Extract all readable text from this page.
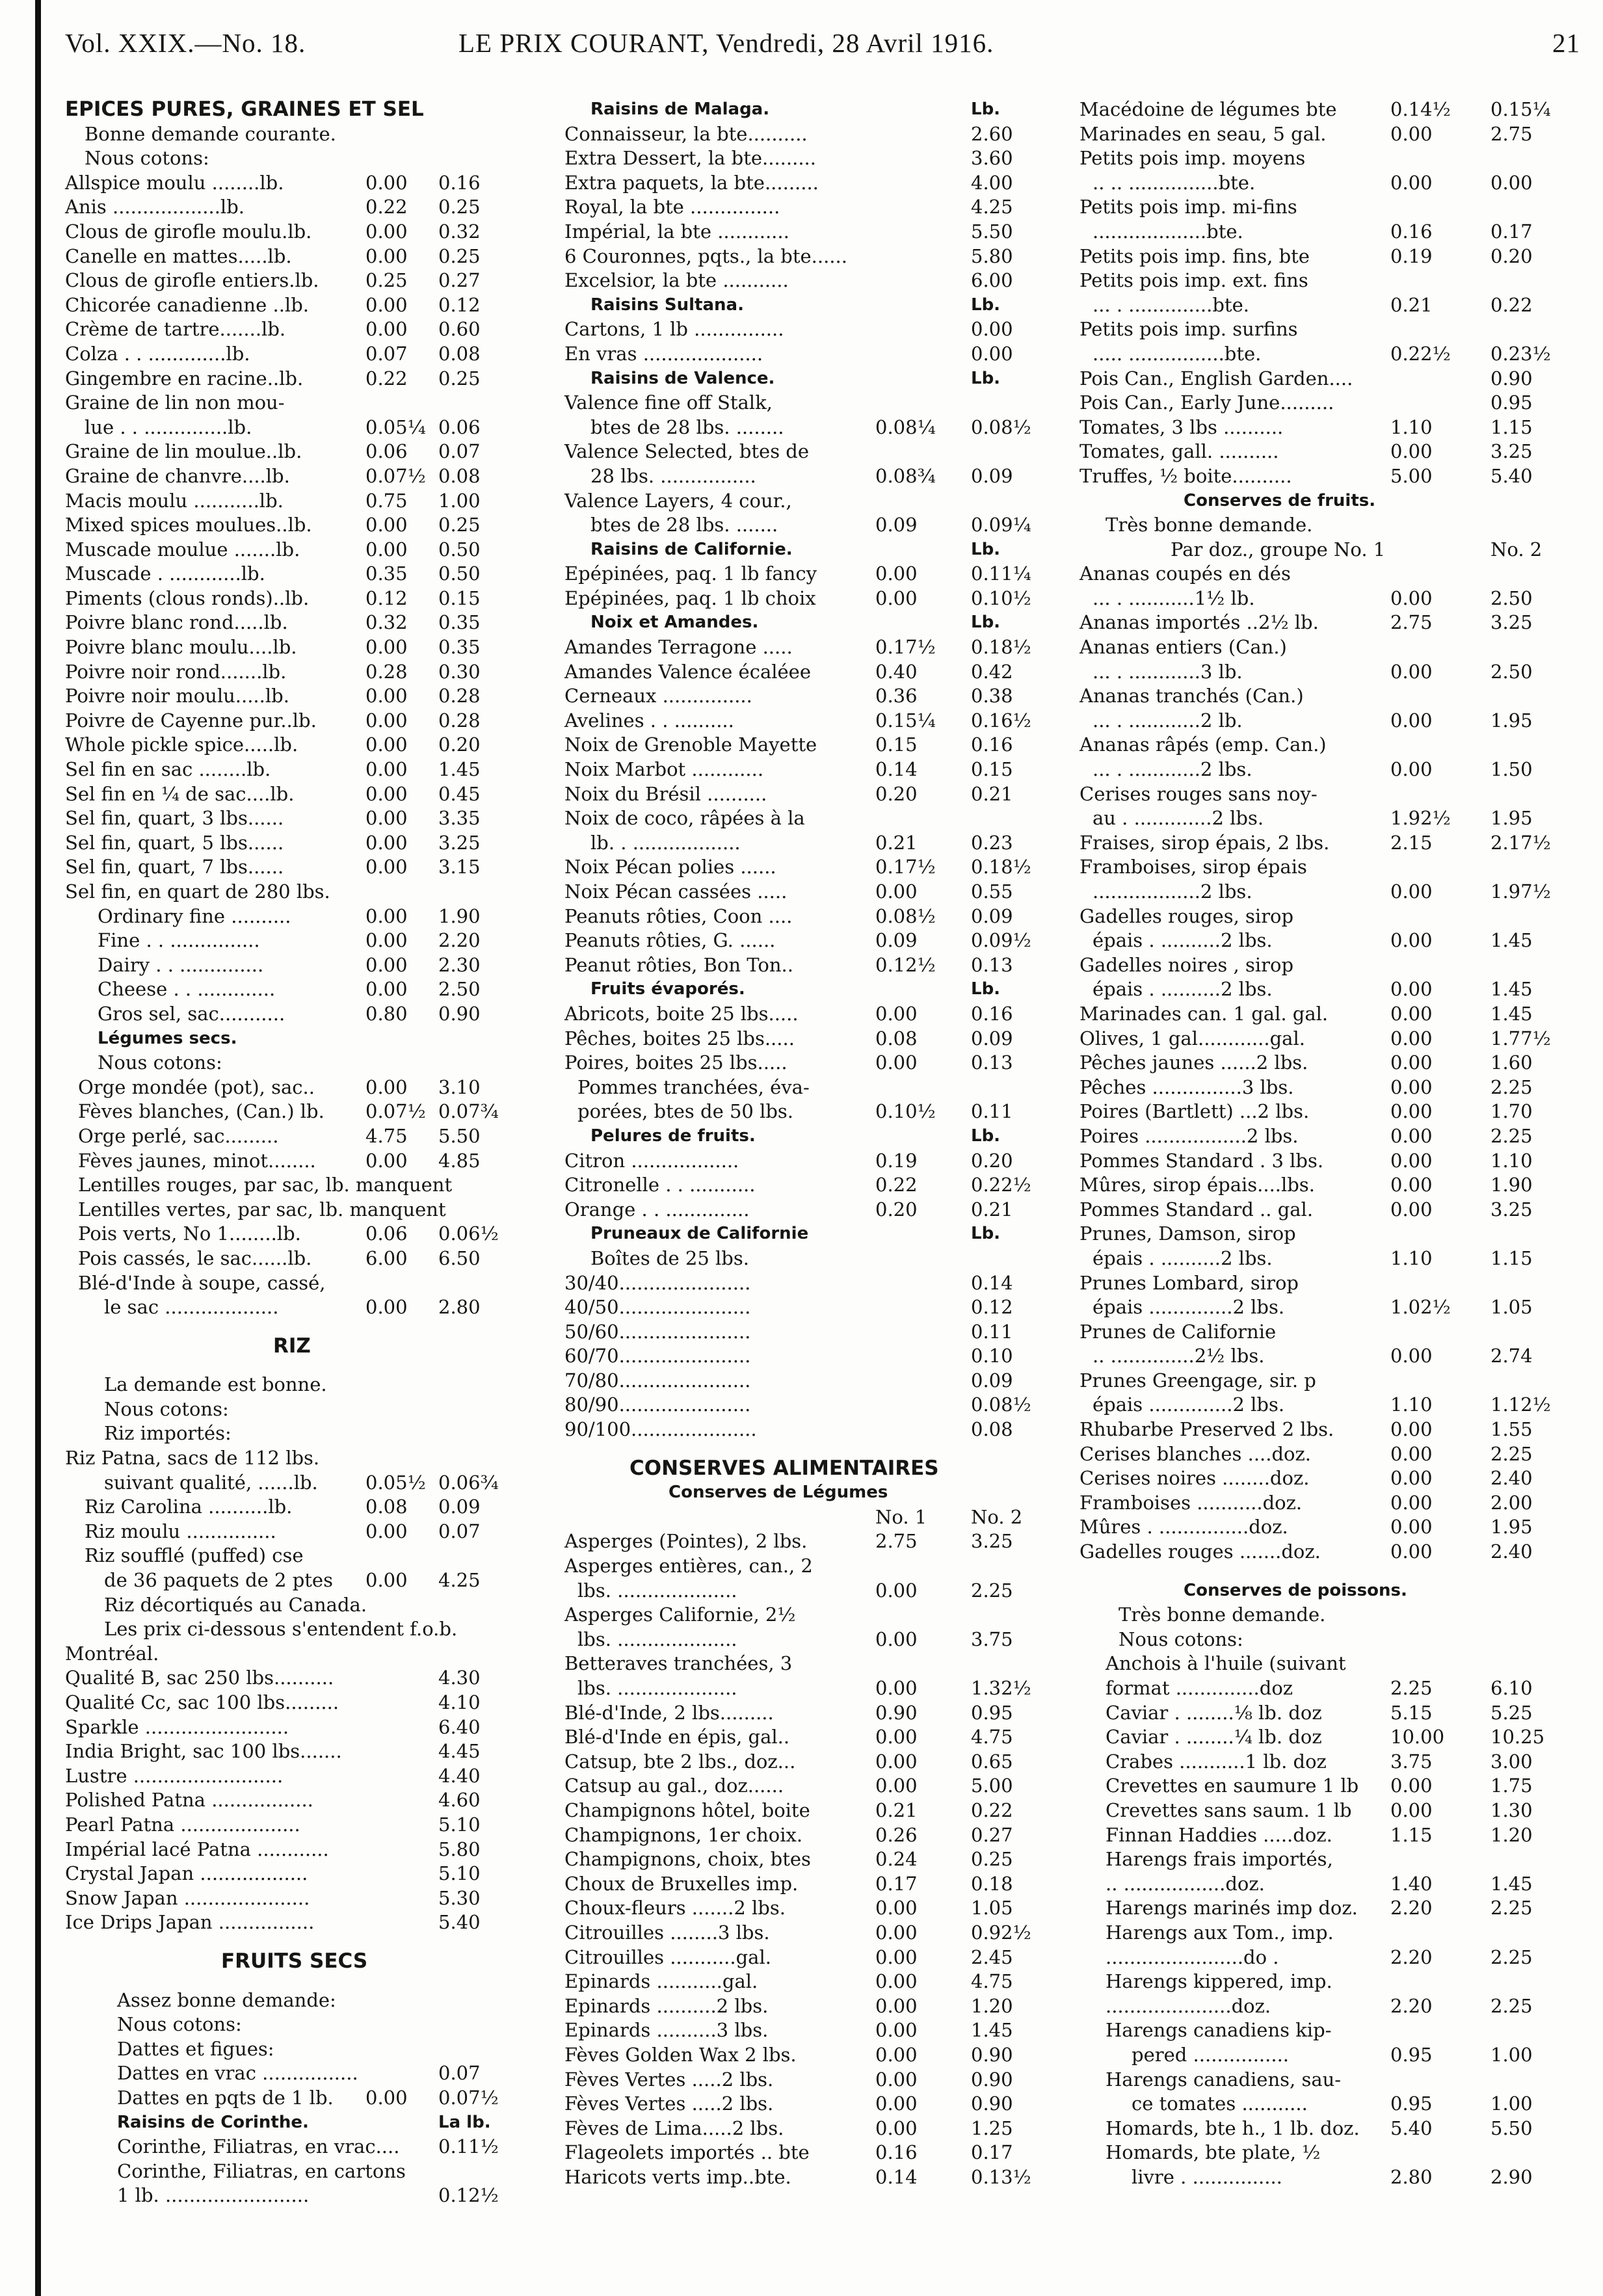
Vol. XXIX.—No. 18.	LE PRIX COURANT, Vendredi, 28 Avril 1916.	21
EPICES PURES, GRAINES ET SEL
Bonne demande courante.
Nous cotons:
Allspice moulu ........lb.	0.00	0.16
Anis ..................lb.	0.22	0.25
Clous de girofle moulu.lb.	0.00	0.32
Canelle en mattes.....lb.	0.00	0.25
Clous de girofle entiers.lb. 0.25	0.27
Chicorée canadienne ..lb.	0.00	0.12
Crème de tartre.......lb.	0.00	0.60
Colza . . .............lb.	0.07	0.08
Gingembre en racine..lb.	0.22	0.25
Graine de lin non mou-
lue . . ..............lb.	0.05¼ 0.06
Graine de lin moulue..lb.	0.06	0.07
Graine de chanvre....lb.	0.07½ 0.08
Macis moulu ...........lb.	0.75	1.00
Mixed spices moulues..lb.	0.00	0.25
Muscade moulue .......lb.	0.00	0.50
Muscade . ............lb.	0.35	0.50
Piments (clous ronds)..lb.	0.12	0.15
Poivre blanc rond.....lb.	0.32	0.35
Poivre blanc moulu....lb.	0.00	0.35
Poivre noir rond.......lb.	0.28	0.30
Poivre noir moulu.....lb.	0.00	0.28
Poivre de Cayenne pur..lb.	0.00	0.28
Whole pickle spice.....lb.	0.00	0.20
Sel fin en sac ........lb.	0.00	1.45
Sel fin en ¼ de sac....lb.	0.00	0.45
Sel fin, quart, 3 lbs......	0.00	3.35
Sel fin, quart, 5 lbs......	0.00	3.25
Sel fin, quart, 7 lbs......	0.00	3.15
Sel fin, en quart de 280 lbs.
Ordinary fine ..........	0.00	1.90
Fine . . ...............	0.00	2.20
Dairy . . ..............	0.00	2.30
Cheese . . .............	0.00	2.50
Gros sel, sac...........	0.80	0.90
Légumes secs.
Nous cotons:
Orge mondée (pot), sac..	0.00	3.10
Fèves blanches, (Can.) lb. 0.07½ 0.07¾
Orge perlé, sac.........	4.75	5.50
Fèves jaunes, minot........	0.00	4.85
Lentilles rouges, par sac, lb. manquent
Lentilles vertes, par sac, lb. manquent
Pois verts, No 1........lb.	0.06	0.06½
Pois cassés, le sac......lb.	6.00	6.50
Blé-d'Inde à soupe, cassé,
le sac ...................	0.00	2.80
RIZ
La demande est bonne.
Nous cotons:
Riz importés:
Riz Patna, sacs de 112 lbs.
suivant qualité, ......lb.	0.05½ 0.06¾
Riz Carolina ..........lb.	0.08	0.09
Riz moulu ...............	0.00	0.07
Riz soufflé (puffed) cse
de 36 paquets de 2 ptes 0.00	4.25
Riz décortiqués au Canada.
Les prix ci-dessous s'entendent f.o.b.
Montréal.
Qualité B, sac 250 lbs..........	4.30
Qualité Cc, sac 100 lbs.........	4.10
Sparkle ........................	6.40
India Bright, sac 100 lbs.......	4.45
Lustre .........................	4.40
Polished Patna .................	4.60
Pearl Patna ....................	5.10
Impérial lacé Patna ............	5.80
Crystal Japan ..................	5.10
Snow Japan .....................	5.30
Ice Drips Japan ................	5.40
FRUITS SECS
Assez bonne demande:
Nous cotons:
Dattes et figues:
Dattes en vrac ................	0.07
Dattes en pqts de 1 lb. 0.00	0.07½
Raisins de Corinthe.	La lb.
Corinthe, Filiatras, en vrac.... 0.11½
Corinthe, Filiatras, en cartons
1 lb. ........................	0.12½
Raisins de Malaga.	Lb.
Connaisseur, la bte..........	2.60
Extra Dessert, la bte.........	3.60
Extra paquets, la bte.........	4.00
Royal, la bte ...............	4.25
Impérial, la bte ............	5.50
6 Couronnes, pqts., la bte......	5.80
Excelsior, la bte ...........	6.00
Raisins Sultana.	Lb.
Cartons, 1 lb ...............	0.00
En vras ....................	0.00
Raisins de Valence.	Lb.
Valence fine off Stalk,
btes de 28 lbs. ........	0.08¼ 0.08½
Valence Selected, btes de
28 lbs. ................	0.08¾ 0.09
Valence Layers, 4 cour.,
btes de 28 lbs. .......	0.09	0.09¼
Raisins de Californie.	Lb.
Epépinées, paq. 1 lb fancy	0.00	0.11¼
Epépinées, paq. 1 lb choix	0.00	0.10½
Noix et Amandes.	Lb.
Amandes Terragone .....	0.17½ 0.18½
Amandes Valence écaléee	0.40	0.42
Cerneaux ...............	0.36	0.38
Avelines . . ..........	0.15¼ 0.16½
Noix de Grenoble Mayette	0.15	0.16
Noix Marbot ............	0.14	0.15
Noix du Brésil ..........	0.20	0.21
Noix de coco, râpées à la
lb. . ..................	0.21	0.23
Noix Pécan polies ......	0.17½ 0.18½
Noix Pécan cassées .....	0.00	0.55
Peanuts rôties, Coon ....	0.08½ 0.09
Peanuts rôties, G. ......	0.09	0.09½
Peanut rôties, Bon Ton..	0.12½ 0.13
Fruits évaporés.	Lb.
Abricots, boite 25 lbs.....	0.00	0.16
Pêches, boites 25 lbs.....	0.08	0.09
Poires, boites 25 lbs.....	0.00	0.13
Pommes tranchées, éva-
porées, btes de 50 lbs.	0.10½ 0.11
Pelures de fruits.	Lb.
Citron ..................	0.19	0.20
Citronelle . . ...........	0.22	0.22½
Orange . . ..............	0.20	0.21
Pruneaux de Californie	Lb.
Boîtes de 25 lbs.
30/40......................	0.14
40/50......................	0.12
50/60......................	0.11
60/70......................	0.10
70/80......................	0.09
80/90......................	0.08½
90/100.....................	0.08
CONSERVES ALIMENTAIRES
Conserves de Légumes
No. 1	No. 2
Asperges (Pointes), 2 lbs.	2.75	3.25
Asperges entières, can., 2
lbs. ....................	0.00	2.25
Asperges Californie, 2½
lbs. ....................	0.00	3.75
Betteraves tranchées, 3
lbs. ....................	0.00	1.32½
Blé-d'Inde, 2 lbs.........	0.90	0.95
Blé-d'Inde en épis, gal..	0.00	4.75
Catsup, bte 2 lbs., doz...	0.00	0.65
Catsup au gal., doz......	0.00	5.00
Champignons hôtel, boite	0.21	0.22
Champignons, 1er choix.	0.26	0.27
Champignons, choix, btes	0.24	0.25
Choux de Bruxelles imp.	0.17	0.18
Choux-fleurs .......2 lbs.	0.00	1.05
Citrouilles ........3 lbs.	0.00	0.92½
Citrouilles ...........gal.	0.00	2.45
Epinards ...........gal.	0.00	4.75
Epinards ..........2 lbs.	0.00	1.20
Epinards ..........3 lbs.	0.00	1.45
Fèves Golden Wax 2 lbs.	0.00	0.90
Fèves Vertes .....2 lbs.	0.00	0.90
Fèves Vertes .....2 lbs.	0.00	0.90
Fèves de Lima.....2 lbs.	0.00	1.25
Flageolets importés .. bte	0.16	0.17
Haricots verts imp..bte.	0.14	0.13½
Macédoine de légumes bte	0.14½ 0.15¼
Marinades en seau, 5 gal.	0.00	2.75
Petits pois imp. moyens
.. .. ...............bte.	0.00	0.00
Petits pois imp. mi-fins
...................bte.	0.16	0.17
Petits pois imp. fins, bte	0.19	0.20
Petits pois imp. ext. fins
... . ..............bte.	0.21	0.22
Petits pois imp. surfins
..... ................bte.	0.22½ 0.23½
Pois Can., English Garden....	0.90
Pois Can., Early June.........	0.95
Tomates, 3 lbs ..........	1.10	1.15
Tomates, gall. ..........	0.00	3.25
Truffes, ½ boite..........	5.00	5.40
Conserves de fruits.
Très bonne demande.
Par doz., groupe No. 1	No. 2
Ananas coupés en dés
... . ...........1½ lb.	0.00	2.50
Ananas importés ..2½ lb.	2.75	3.25
Ananas entiers (Can.)
... . ............3 lb.	0.00	2.50
Ananas tranchés (Can.)
... . ............2 lb.	0.00	1.95
Ananas râpés (emp. Can.)
... . ............2 lbs.	0.00	1.50
Cerises rouges sans noy-
au . .............2 lbs.	1.92½ 1.95
Fraises, sirop épais, 2 lbs.	2.15	2.17½
Framboises, sirop épais
..................2 lbs.	0.00	1.97½
Gadelles rouges, sirop
épais . ..........2 lbs.	0.00	1.45
Gadelles noires , sirop
épais . ..........2 lbs.	0.00	1.45
Marinades can. 1 gal. gal.	0.00	1.45
Olives, 1 gal............gal.	0.00	1.77½
Pêches jaunes ......2 lbs.	0.00	1.60
Pêches ...............3 lbs.	0.00	2.25
Poires (Bartlett) ...2 lbs.	0.00	1.70
Poires .................2 lbs.	0.00	2.25
Pommes Standard . 3 lbs.	0.00	1.10
Mûres, sirop épais....lbs.	0.00	1.90
Pommes Standard .. gal.	0.00	3.25
Prunes, Damson, sirop
épais . ..........2 lbs.	1.10	1.15
Prunes Lombard, sirop
épais ..............2 lbs.	1.02½ 1.05
Prunes de Californie
.. ..............2½ lbs.	0.00	2.74
Prunes Greengage, sir. p
épais ..............2 lbs.	1.10	1.12½
Rhubarbe Preserved 2 lbs.	0.00	1.55
Cerises blanches ....doz.	0.00	2.25
Cerises noires ........doz.	0.00	2.40
Framboises ...........doz.	0.00	2.00
Mûres . ...............doz.	0.00	1.95
Gadelles rouges .......doz.	0.00	2.40
Conserves de poissons.
Très bonne demande.
Nous cotons:
Anchois à l'huile (suivant
format ..............doz	2.25	6.10
Caviar . ........⅛ lb. doz	5.15	5.25
Caviar . ........¼ lb. doz	10.00 10.25
Crabes ...........1 lb. doz	3.75	3.00
Crevettes en saumure 1 lb 0.00	1.75
Crevettes sans saum. 1 lb 0.00	1.30
Finnan Haddies .....doz.	1.15	1.20
Harengs frais importés,
.. .................doz.	1.40	1.45
Harengs marinés imp doz. 2.20	2.25
Harengs aux Tom., imp.
.......................do .	2.20	2.25
Harengs kippered, imp.
.....................doz.	2.20	2.25
Harengs canadiens kip-
pered ................	0.95	1.00
Harengs canadiens, sau-
ce tomates ...........	0.95	1.00
Homards, bte h., 1 lb. doz. 5.40	5.50
Homards, bte plate, ½
livre . ...............	2.80	2.90
